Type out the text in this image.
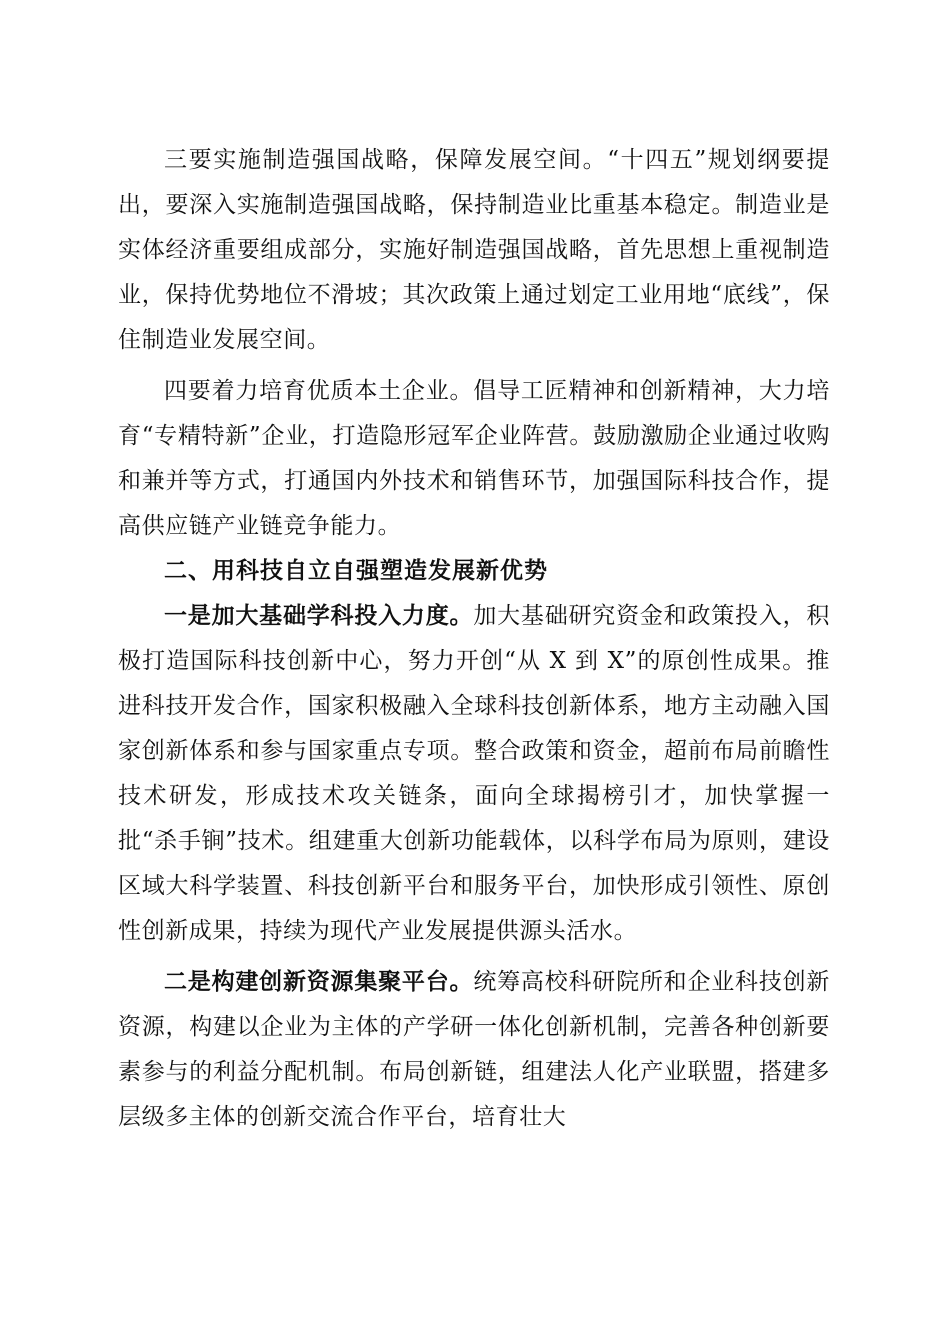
三要实施制造强国战略，保障发展空间。“十四五”规划纲要提出，要深入实施制造强国战略，保持制造业比重基本稳定。制造业是实体经济重要组成部分，实施好制造强国战略，首先思想上重视制造业，保持优势地位不滑坡；其次政策上通过划定工业用地“底线”，保住制造业发展空间。

四要着力培育优质本土企业。倡导工匠精神和创新精神，大力培育“专精特新”企业，打造隐形冠军企业阵营。鼓励激励企业通过收购和兼并等方式，打通国内外技术和销售环节，加强国际科技合作，提高供应链产业链竞争能力。

二、用科技自立自强塑造发展新优势

一是加大基础学科投入力度。加大基础研究资金和政策投入，积极打造国际科技创新中心，努力开创“从 X 到 X”的原创性成果。推进科技开发合作，国家积极融入全球科技创新体系，地方主动融入国家创新体系和参与国家重点专项。整合政策和资金，超前布局前瞻性技术研发，形成技术攻关链条，面向全球揭榜引才，加快掌握一批“杀手锏”技术。组建重大创新功能载体，以科学布局为原则，建设区域大科学装置、科技创新平台和服务平台，加快形成引领性、原创性创新成果，持续为现代产业发展提供源头活水。

二是构建创新资源集聚平台。统筹高校科研院所和企业科技创新资源，构建以企业为主体的产学研一体化创新机制，完善各种创新要素参与的利益分配机制。布局创新链，组建法人化产业联盟，搭建多层级多主体的创新交流合作平台，培育壮大
